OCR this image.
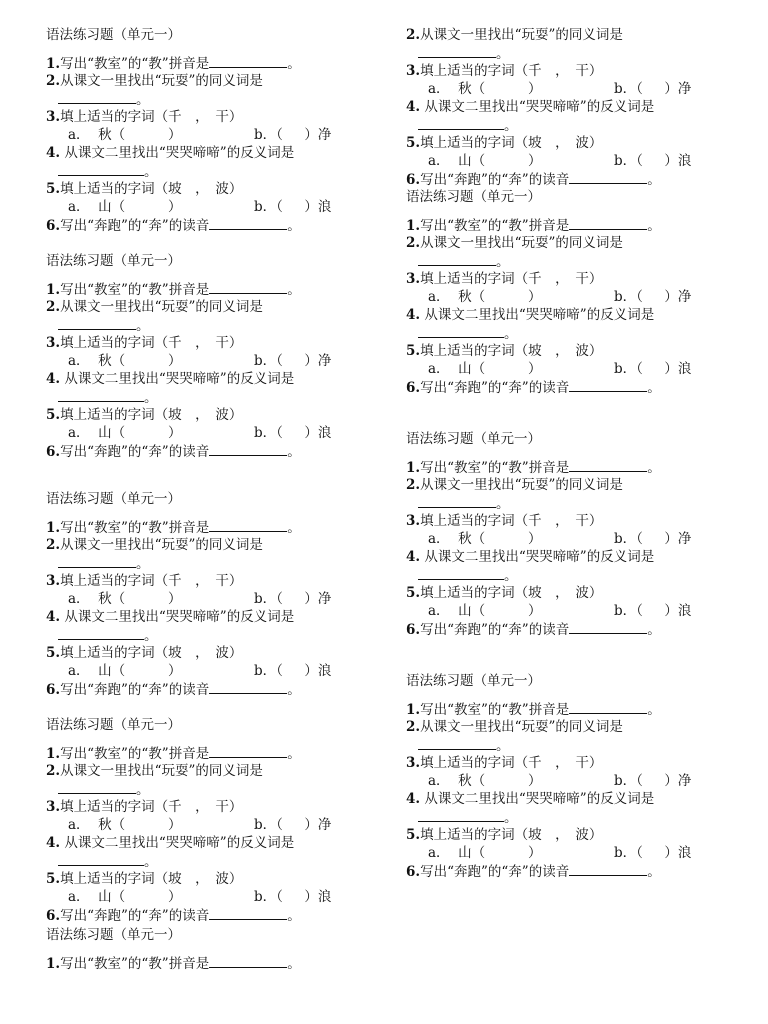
语法练习题（单元一）
1.写出“教室”的“教”拼音是	。
2.从课文一里找出“玩耍”的同义词是
。
3.填上适当的字词（千　，　干）
a．  秋（          ）	b．（     ）净
4. 从课文二里找出“哭哭啼啼”的反义词是
。
5.填上适当的字词（坡　，　波）
a．  山（          ）	b．（     ）浪
6.写出“奔跑”的“奔”的读音	。
语法练习题（单元一）
1.写出“教室”的“教”拼音是	。
2.从课文一里找出“玩耍”的同义词是
。
3.填上适当的字词（千　，　干）
a．  秋（          ）	b．（     ）净
4. 从课文二里找出“哭哭啼啼”的反义词是
。
5.填上适当的字词（坡　，　波）
a．  山（          ）	b．（     ）浪
6.写出“奔跑”的“奔”的读音	。
语法练习题（单元一）
1.写出“教室”的“教”拼音是	。
2.从课文一里找出“玩耍”的同义词是
。
3.填上适当的字词（千　，　干）
a．  秋（          ）	b．（     ）净
4. 从课文二里找出“哭哭啼啼”的反义词是
。
5.填上适当的字词（坡　，　波）
a．  山（          ）	b．（     ）浪
6.写出“奔跑”的“奔”的读音	。
语法练习题（单元一）
1.写出“教室”的“教”拼音是	。
2.从课文一里找出“玩耍”的同义词是
。
3.填上适当的字词（千　，　干）
a．  秋（          ）	b．（     ）净
4. 从课文二里找出“哭哭啼啼”的反义词是
。
5.填上适当的字词（坡　，　波）
a．  山（          ）	b．（     ）浪
6.写出“奔跑”的“奔”的读音	。
语法练习题（单元一）
1.写出“教室”的“教”拼音是	。
2.从课文一里找出“玩耍”的同义词是
。
3.填上适当的字词（千　，　干）
a．  秋（          ）	b．（     ）净
4. 从课文二里找出“哭哭啼啼”的反义词是
。
5.填上适当的字词（坡　，　波）
a．  山（          ）	b．（     ）浪
6.写出“奔跑”的“奔”的读音	。
语法练习题（单元一）
1.写出“教室”的“教”拼音是	。
2.从课文一里找出“玩耍”的同义词是
。
3.填上适当的字词（千　，　干）
a．  秋（          ）	b．（     ）净
4. 从课文二里找出“哭哭啼啼”的反义词是
。
5.填上适当的字词（坡　，　波）
a．  山（          ）	b．（     ）浪
6.写出“奔跑”的“奔”的读音	。
语法练习题（单元一）
1.写出“教室”的“教”拼音是	。
2.从课文一里找出“玩耍”的同义词是
。
3.填上适当的字词（千　，　干）
a．  秋（          ）	b．（     ）净
4. 从课文二里找出“哭哭啼啼”的反义词是
。
5.填上适当的字词（坡　，　波）
a．  山（          ）	b．（     ）浪
6.写出“奔跑”的“奔”的读音	。
语法练习题（单元一）
1.写出“教室”的“教”拼音是	。
2.从课文一里找出“玩耍”的同义词是
。
3.填上适当的字词（千　，　干）
a．  秋（          ）	b．（     ）净
4. 从课文二里找出“哭哭啼啼”的反义词是
。
5.填上适当的字词（坡　，　波）
a．  山（          ）	b．（     ）浪
6.写出“奔跑”的“奔”的读音	。
